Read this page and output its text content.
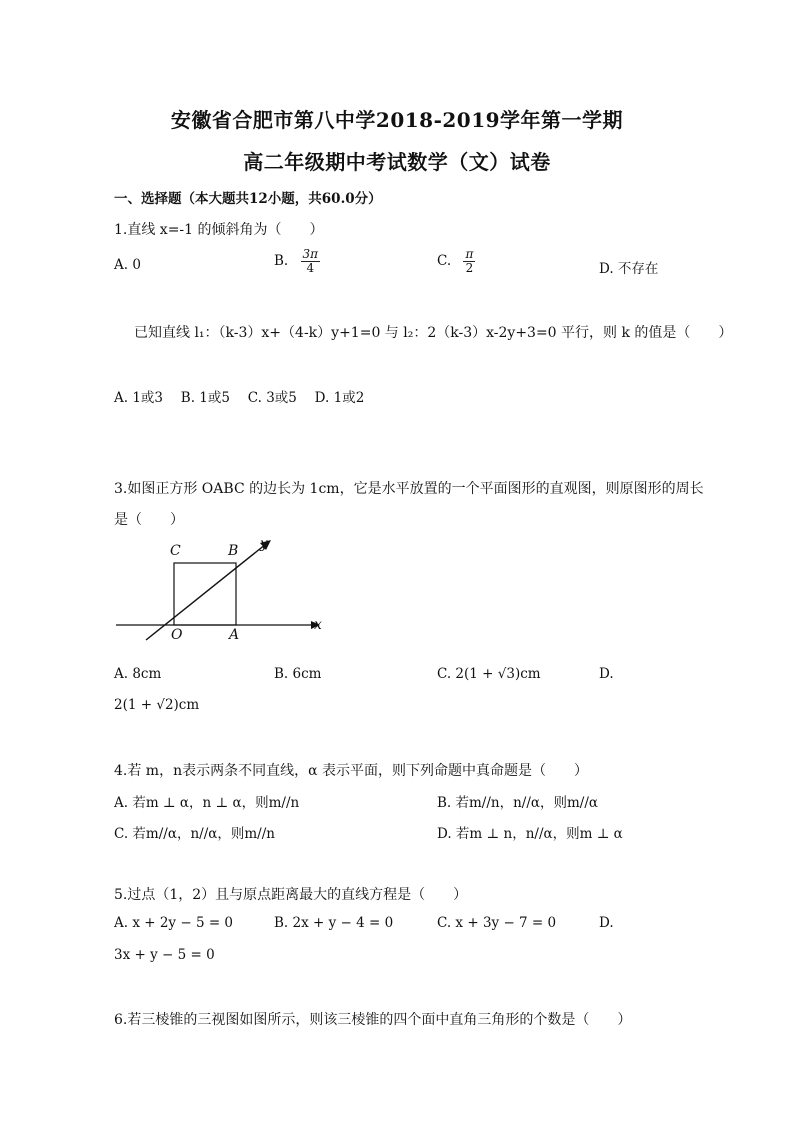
安徽省合肥市第八中学2018-2019学年第一学期
高二年级期中考试数学（文）试卷
一、选择题（本大题共12小题，共60.0分）
1.直线 x=-1 的倾斜角为（　　）
A. 0	B. $\frac{3\pi}{4}$	C. $\frac{\pi}{2}$	D. 不存在
已知直线 l₁：（k-3）x+（4-k）y+1=0 与 l₂：2（k-3）x-2y+3=0 平行，则 k 的值是（　　）
A. 1或3　 B. 1或5　 C. 3或5　 D. 1或2
3.如图正方形 OABC 的边长为 1cm，它是水平放置的一个平面图形的直观图，则原图形的周长
是（　　）
C	B y
O	A
x
A. 8cm	B. 6cm	C. 2(1 + √3)cm	D.
2(1 + √2)cm
4.若 m，n表示两条不同直线，α 表示平面，则下列命题中真命题是（　　）
A. 若m ⊥ α，n ⊥ α，则m//n	B. 若m//n，n//α，则m//α
C. 若m//α，n//α，则m//n	D. 若m ⊥ n，n//α，则m ⊥ α
5.过点（1，2）且与原点距离最大的直线方程是（　　）
A. x + 2y − 5 = 0	B. 2x + y − 4 = 0	C. x + 3y − 7 = 0	D.
3x + y − 5 = 0
6.若三棱锥的三视图如图所示，则该三棱锥的四个面中直角三角形的个数是（　　）
